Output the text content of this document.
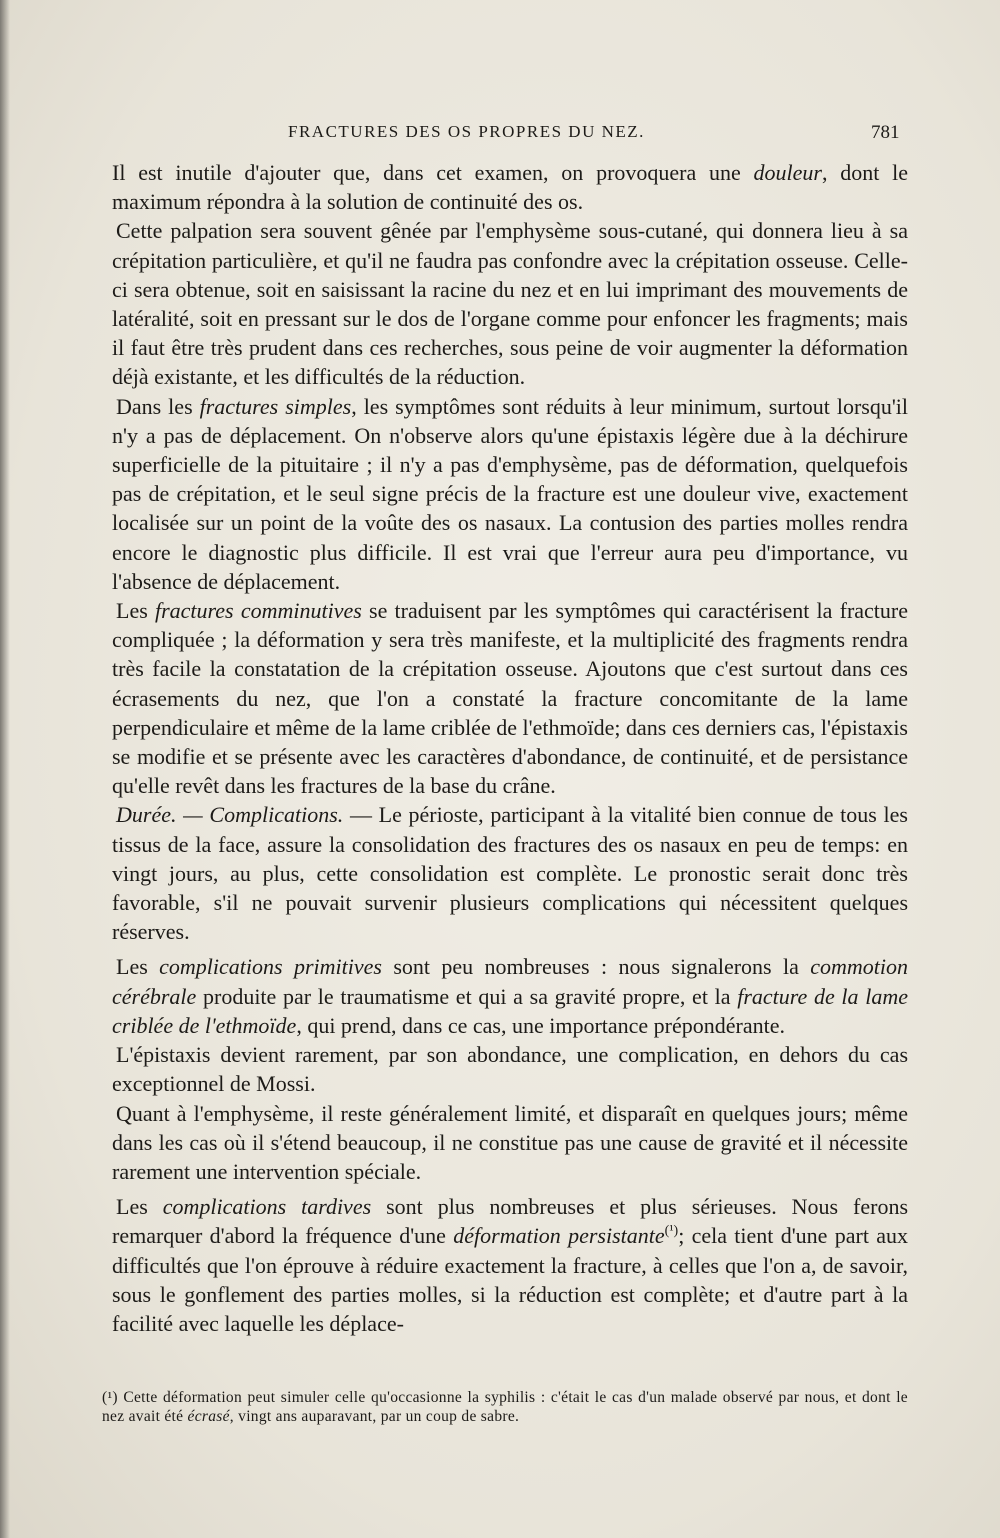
FRACTURES DES OS PROPRES DU NEZ.	781

Il est inutile d'ajouter que, dans cet examen, on provoquera une douleur, dont le maximum répondra à la solution de continuité des os.

Cette palpation sera souvent gênée par l'emphysème sous-cutané, qui donnera lieu à sa crépitation particulière, et qu'il ne faudra pas confondre avec la crépitation osseuse. Celle-ci sera obtenue, soit en saisissant la racine du nez et en lui imprimant des mouvements de latéralité, soit en pressant sur le dos de l'organe comme pour enfoncer les fragments; mais il faut être très prudent dans ces recherches, sous peine de voir augmenter la déformation déjà existante, et les difficultés de la réduction.

Dans les fractures simples, les symptômes sont réduits à leur minimum, surtout lorsqu'il n'y a pas de déplacement. On n'observe alors qu'une épistaxis légère due à la déchirure superficielle de la pituitaire ; il n'y a pas d'emphysème, pas de déformation, quelquefois pas de crépitation, et le seul signe précis de la fracture est une douleur vive, exactement localisée sur un point de la voûte des os nasaux. La contusion des parties molles rendra encore le diagnostic plus difficile. Il est vrai que l'erreur aura peu d'importance, vu l'absence de déplacement.

Les fractures comminutives se traduisent par les symptômes qui caractérisent la fracture compliquée ; la déformation y sera très manifeste, et la multiplicité des fragments rendra très facile la constatation de la crépitation osseuse. Ajoutons que c'est surtout dans ces écrasements du nez, que l'on a constaté la fracture concomitante de la lame perpendiculaire et même de la lame criblée de l'ethmoïde; dans ces derniers cas, l'épistaxis se modifie et se présente avec les caractères d'abondance, de continuité, et de persistance qu'elle revêt dans les fractures de la base du crâne.

Durée. — Complications. — Le périoste, participant à la vitalité bien connue de tous les tissus de la face, assure la consolidation des fractures des os nasaux en peu de temps: en vingt jours, au plus, cette consolidation est complète. Le pronostic serait donc très favorable, s'il ne pouvait survenir plusieurs complications qui nécessitent quelques réserves.

Les complications primitives sont peu nombreuses : nous signalerons la commotion cérébrale produite par le traumatisme et qui a sa gravité propre, et la fracture de la lame criblée de l'ethmoïde, qui prend, dans ce cas, une importance prépondérante.

L'épistaxis devient rarement, par son abondance, une complication, en dehors du cas exceptionnel de Mossi.

Quant à l'emphysème, il reste généralement limité, et disparaît en quelques jours; même dans les cas où il s'étend beaucoup, il ne constitue pas une cause de gravité et il nécessite rarement une intervention spéciale.

Les complications tardives sont plus nombreuses et plus sérieuses. Nous ferons remarquer d'abord la fréquence d'une déformation persistante$^{(^1)}$; cela tient d'une part aux difficultés que l'on éprouve à réduire exactement la fracture, à celles que l'on a, de savoir, sous le gonflement des parties molles, si la réduction est complète; et d'autre part à la facilité avec laquelle les déplace-

(¹) Cette déformation peut simuler celle qu'occasionne la syphilis : c'était le cas d'un malade observé par nous, et dont le nez avait été écrasé, vingt ans auparavant, par un coup de sabre.
